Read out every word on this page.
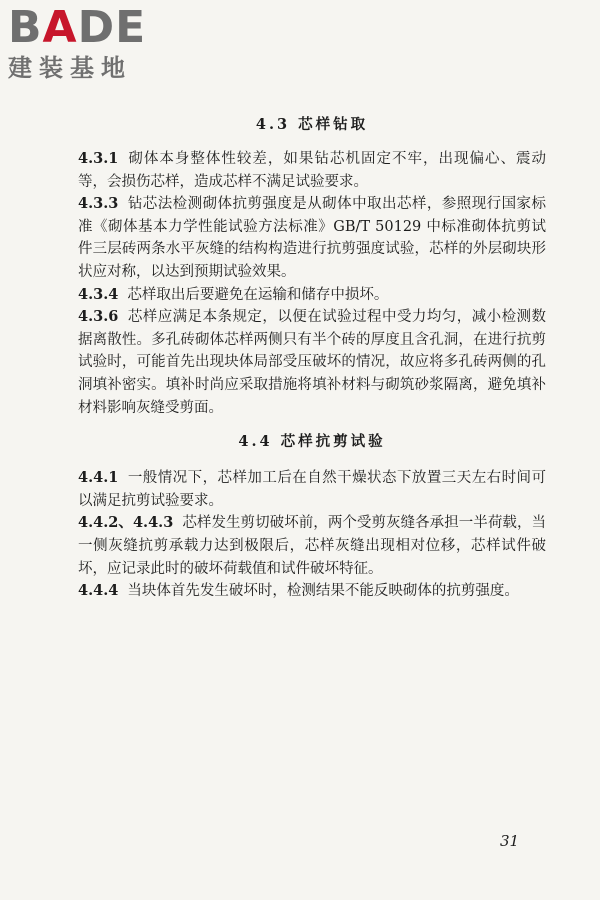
BADE
建装基地
4.3 芯样钻取

4.3.1 砌体本身整体性较差，如果钻芯机固定不牢，出现偏心、震动等，会损伤芯样，造成芯样不满足试验要求。

4.3.3 钻芯法检测砌体抗剪强度是从砌体中取出芯样，参照现行国家标准《砌体基本力学性能试验方法标准》GB/T 50129 中标准砌体抗剪试件三层砖两条水平灰缝的结构构造进行抗剪强度试验，芯样的外层砌块形状应对称，以达到预期试验效果。

4.3.4 芯样取出后要避免在运输和储存中损坏。

4.3.6 芯样应满足本条规定，以便在试验过程中受力均匀，减小检测数据离散性。多孔砖砌体芯样两侧只有半个砖的厚度且含孔洞，在进行抗剪试验时，可能首先出现块体局部受压破坏的情况，故应将多孔砖两侧的孔洞填补密实。填补时尚应采取措施将填补材料与砌筑砂浆隔离，避免填补材料影响灰缝受剪面。

4.4 芯样抗剪试验

4.4.1 一般情况下，芯样加工后在自然干燥状态下放置三天左右时间可以满足抗剪试验要求。

4.4.2、4.4.3 芯样发生剪切破坏前，两个受剪灰缝各承担一半荷载，当一侧灰缝抗剪承载力达到极限后，芯样灰缝出现相对位移，芯样试件破坏，应记录此时的破坏荷载值和试件破坏特征。

4.4.4 当块体首先发生破坏时，检测结果不能反映砌体的抗剪强度。

31
